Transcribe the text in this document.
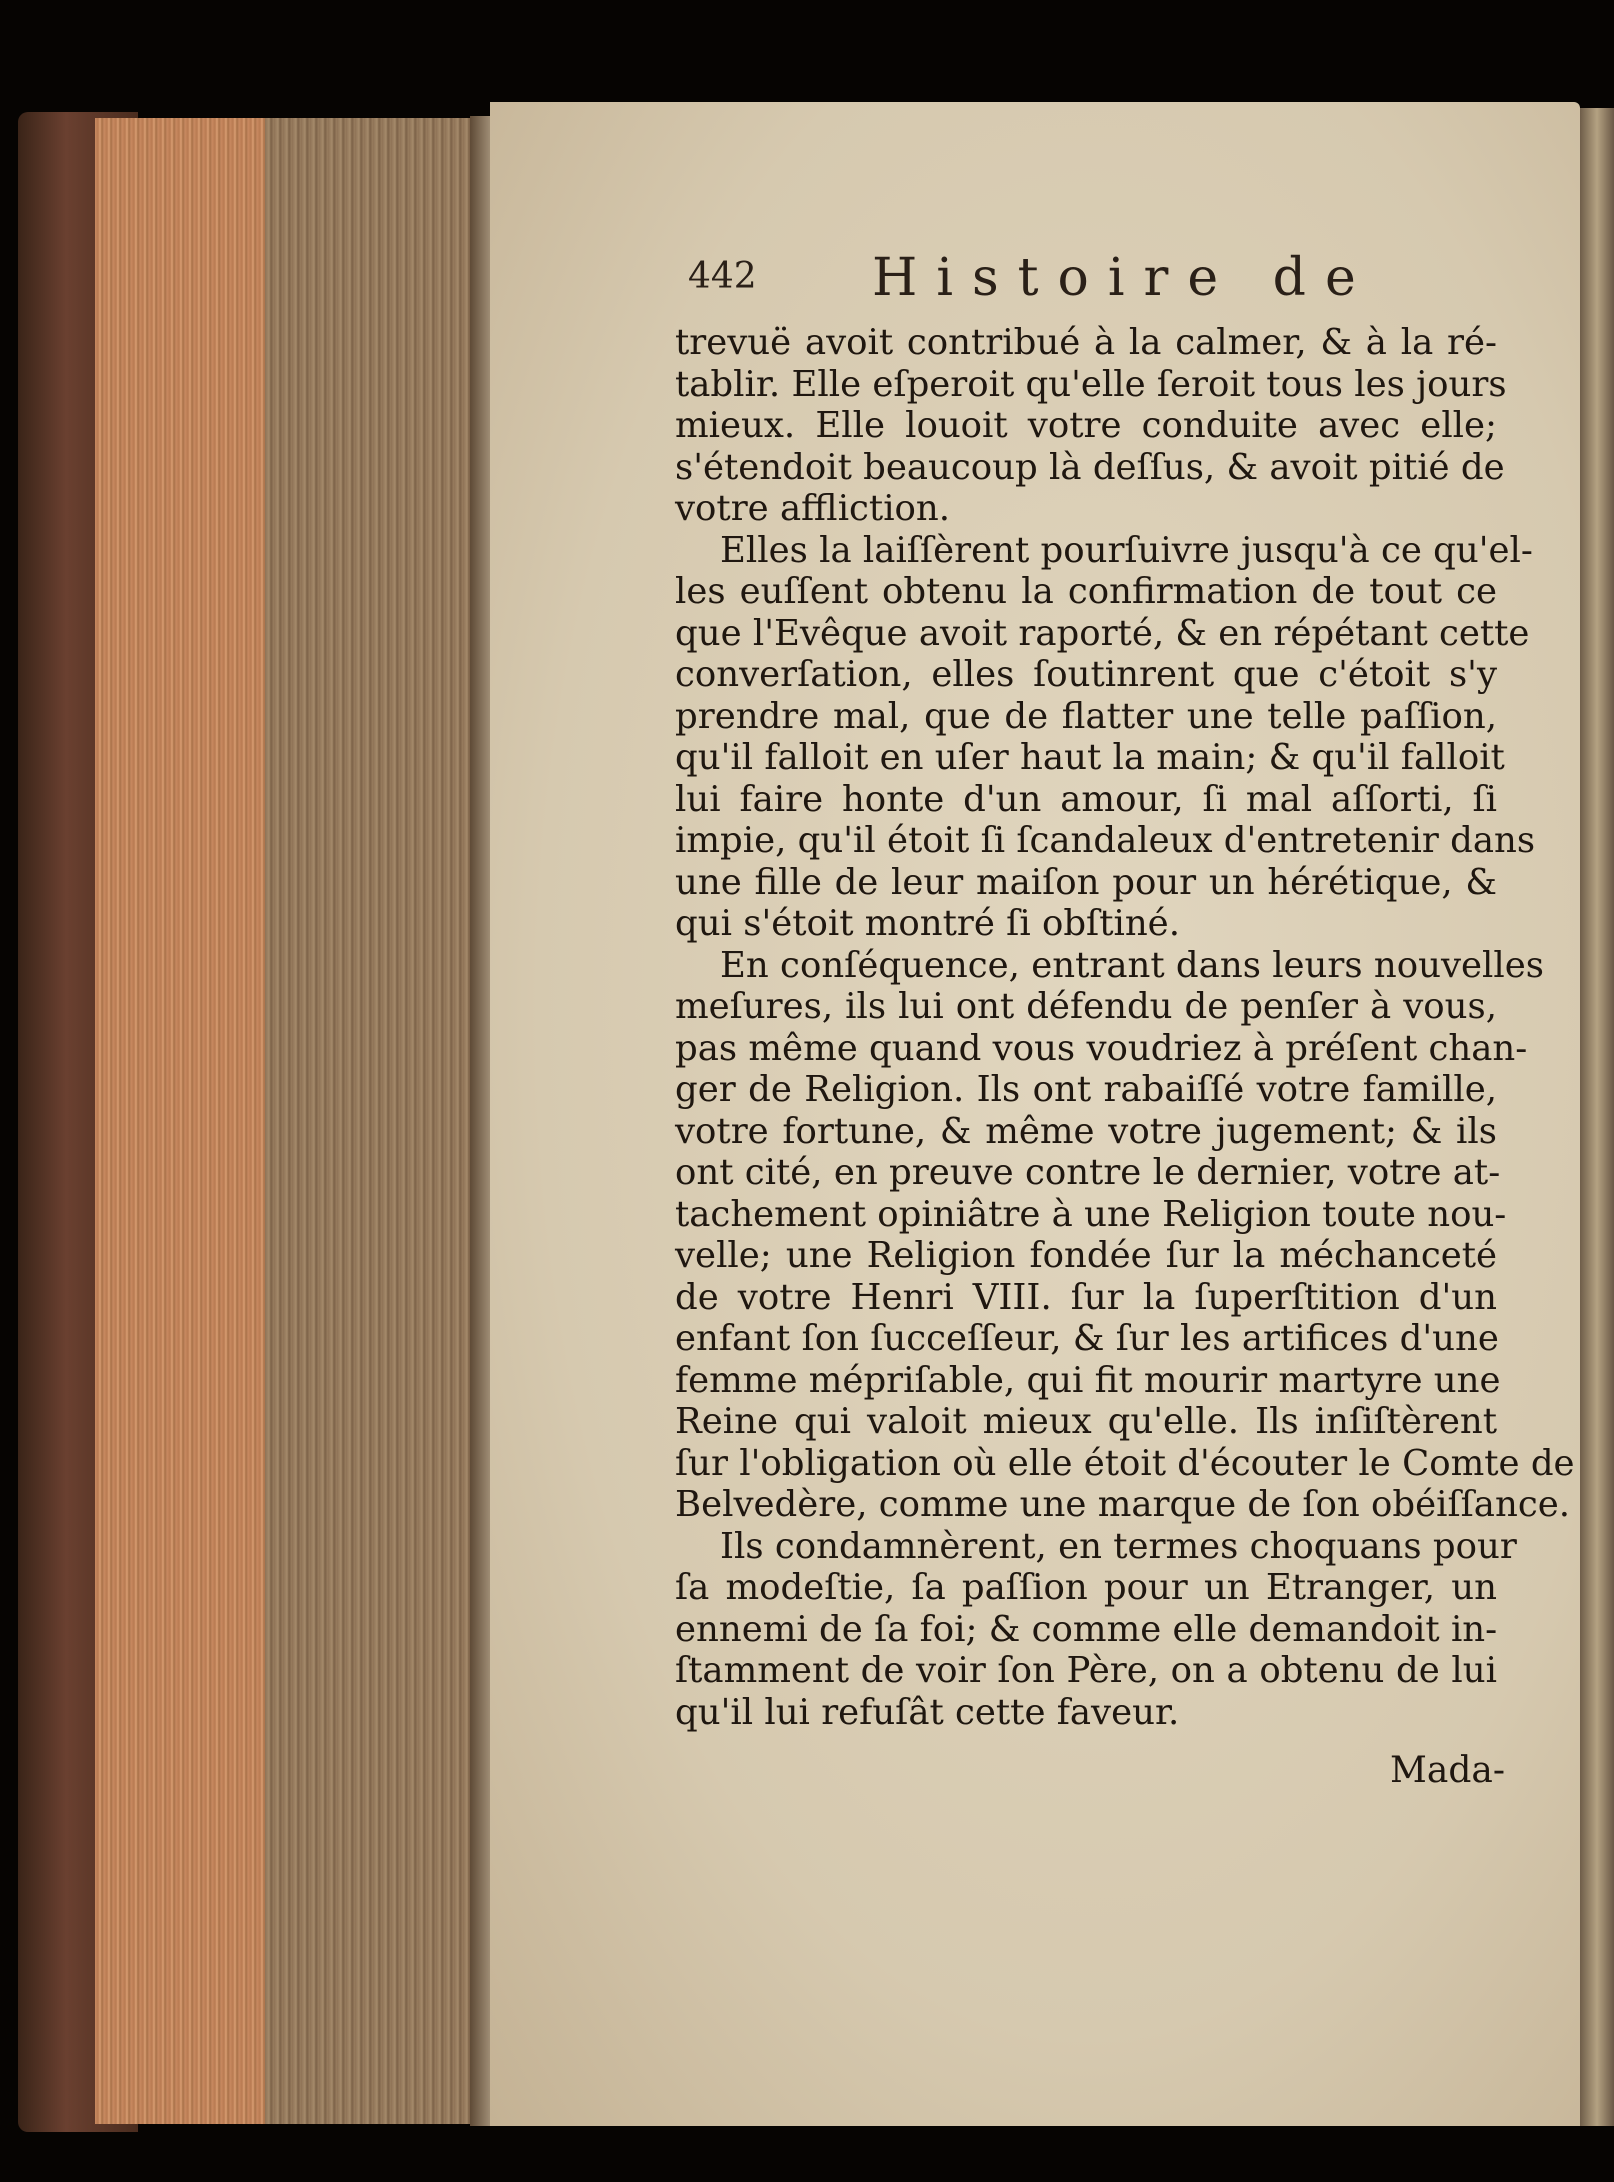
442 Histoire de
trevuë avoit contribué à la calmer, & à la ré-
tablir. Elle eſperoit qu'elle ſeroit tous les jours
mieux. Elle louoit votre conduite avec elle;
s'étendoit beaucoup là deſſus, & avoit pitié de
votre affliction.
Elles la laiſſèrent pourſuivre jusqu'à ce qu'el-
les euſſent obtenu la confirmation de tout ce
que l'Evêque avoit raporté, & en répétant cette
converſation, elles ſoutinrent que c'étoit s'y
prendre mal, que de flatter une telle paſſion,
qu'il falloit en uſer haut la main; & qu'il falloit
lui faire honte d'un amour, ſi mal aſſorti, ſi
impie, qu'il étoit ſi ſcandaleux d'entretenir dans
une fille de leur maiſon pour un hérétique, &
qui s'étoit montré ſi obſtiné.
En conſéquence, entrant dans leurs nouvelles
meſures, ils lui ont défendu de penſer à vous,
pas même quand vous voudriez à préſent chan-
ger de Religion. Ils ont rabaiſſé votre famille,
votre fortune, & même votre jugement; & ils
ont cité, en preuve contre le dernier, votre at-
tachement opiniâtre à une Religion toute nou-
velle; une Religion fondée ſur la méchanceté
de votre Henri VIII. ſur la ſuperſtition d'un
enfant ſon ſucceſſeur, & ſur les artifices d'une
femme mépriſable, qui fit mourir martyre une
Reine qui valoit mieux qu'elle. Ils inſiſtèrent
ſur l'obligation où elle étoit d'écouter le Comte de
Belvedère, comme une marque de ſon obéiſſance.
Ils condamnèrent, en termes choquans pour
ſa modeſtie, ſa paſſion pour un Etranger, un
ennemi de ſa foi; & comme elle demandoit in-
ſtamment de voir ſon Père, on a obtenu de lui
qu'il lui refuſât cette faveur.
Mada-
